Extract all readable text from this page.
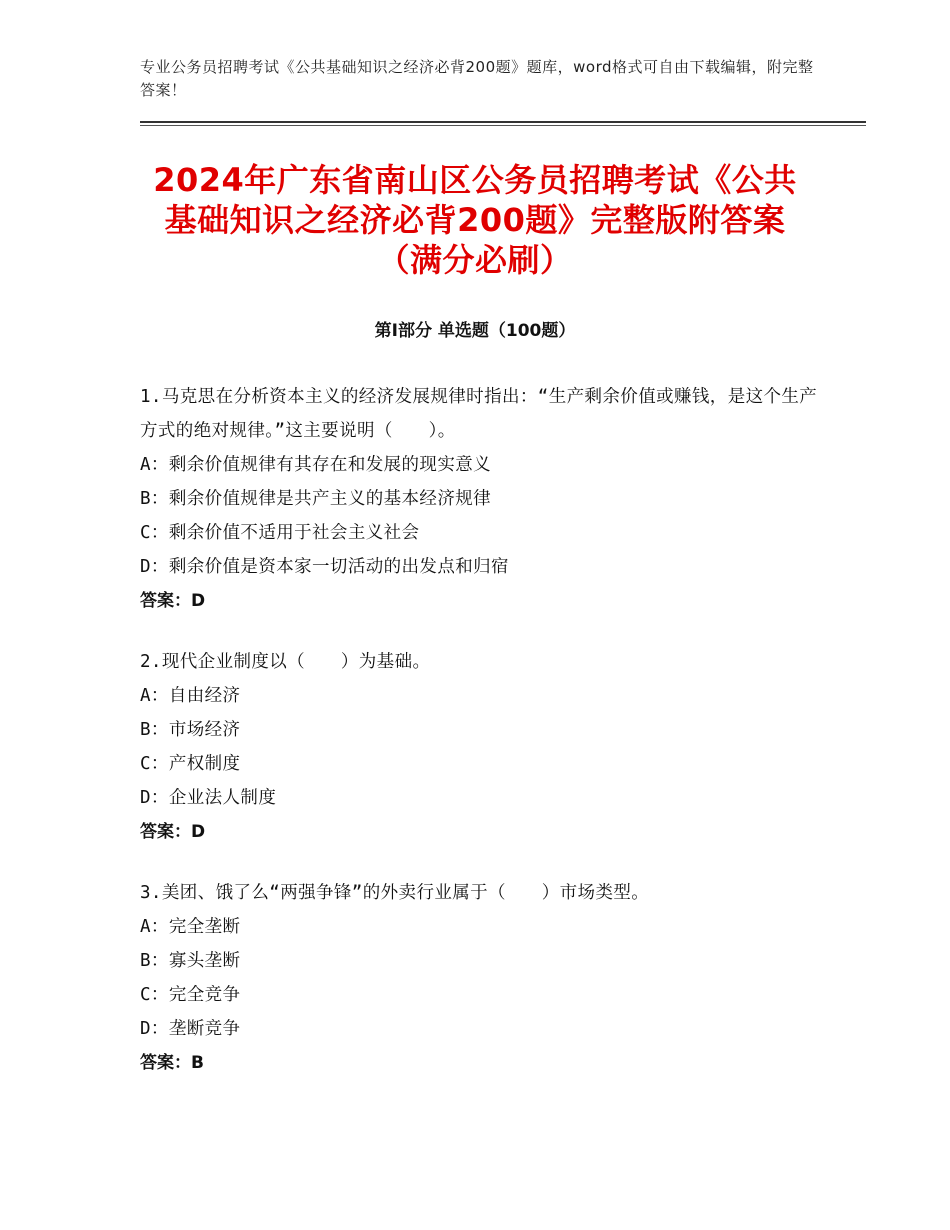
专业公务员招聘考试《公共基础知识之经济必背200题》题库，word格式可自由下载编辑，附完整答案！
2024年广东省南山区公务员招聘考试《公共
基础知识之经济必背200题》完整版附答案
（满分必刷）
第Ⅰ部分 单选题（100题）
1.马克思在分析资本主义的经济发展规律时指出：“生产剩余价值或赚钱，是这个生产方式的绝对规律。”这主要说明（　　）。
A：剩余价值规律有其存在和发展的现实意义
B：剩余价值规律是共产主义的基本经济规律
C：剩余价值不适用于社会主义社会
D：剩余价值是资本家一切活动的出发点和归宿
答案：D
2.现代企业制度以（　　）为基础。
A：自由经济
B：市场经济
C：产权制度
D：企业法人制度
答案：D
3.美团、饿了么“两强争锋”的外卖行业属于（　　）市场类型。
A：完全垄断
B：寡头垄断
C：完全竞争
D：垄断竞争
答案：B
